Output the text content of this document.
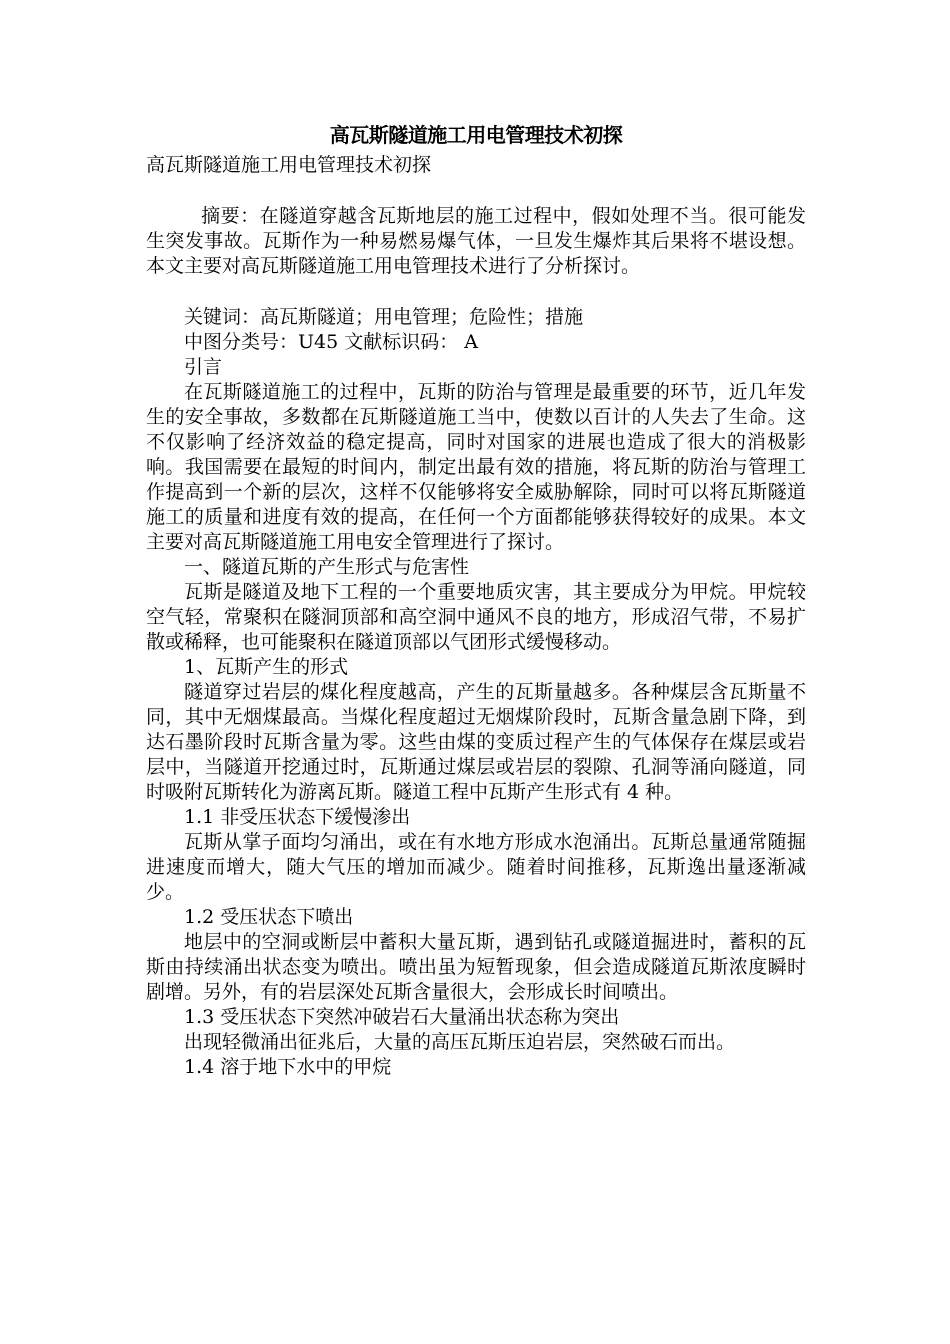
高瓦斯隧道施工用电管理技术初探

高瓦斯隧道施工用电管理技术初探

摘要：在隧道穿越含瓦斯地层的施工过程中，假如处理不当。很可能发生突发事故。瓦斯作为一种易燃易爆气体，一旦发生爆炸其后果将不堪设想。本文主要对高瓦斯隧道施工用电管理技术进行了分析探讨。

关键词：高瓦斯隧道；用电管理；危险性；措施

中图分类号：U45 文献标识码： A

引言

在瓦斯隧道施工的过程中，瓦斯的防治与管理是最重要的环节，近几年发生的安全事故，多数都在瓦斯隧道施工当中，使数以百计的人失去了生命。这不仅影响了经济效益的稳定提高，同时对国家的进展也造成了很大的消极影响。我国需要在最短的时间内，制定出最有效的措施，将瓦斯的防治与管理工作提高到一个新的层次，这样不仅能够将安全威胁解除，同时可以将瓦斯隧道施工的质量和进度有效的提高，在任何一个方面都能够获得较好的成果。本文主要对高瓦斯隧道施工用电安全管理进行了探讨。

一、隧道瓦斯的产生形式与危害性

瓦斯是隧道及地下工程的一个重要地质灾害，其主要成分为甲烷。甲烷较空气轻，常聚积在隧洞顶部和高空洞中通风不良的地方，形成沼气带，不易扩散或稀释，也可能聚积在隧道顶部以气团形式缓慢移动。

1、瓦斯产生的形式

隧道穿过岩层的煤化程度越高，产生的瓦斯量越多。各种煤层含瓦斯量不同，其中无烟煤最高。当煤化程度超过无烟煤阶段时，瓦斯含量急剧下降，到达石墨阶段时瓦斯含量为零。这些由煤的变质过程产生的气体保存在煤层或岩层中，当隧道开挖通过时，瓦斯通过煤层或岩层的裂隙、孔洞等涌向隧道，同时吸附瓦斯转化为游离瓦斯。隧道工程中瓦斯产生形式有 4 种。

1.1 非受压状态下缓慢渗出

瓦斯从掌子面均匀涌出，或在有水地方形成水泡涌出。瓦斯总量通常随掘进速度而增大，随大气压的增加而减少。随着时间推移，瓦斯逸出量逐渐减少。

1.2 受压状态下喷出

地层中的空洞或断层中蓄积大量瓦斯，遇到钻孔或隧道掘进时，蓄积的瓦斯由持续涌出状态变为喷出。喷出虽为短暂现象，但会造成隧道瓦斯浓度瞬时剧增。另外，有的岩层深处瓦斯含量很大，会形成长时间喷出。

1.3 受压状态下突然冲破岩石大量涌出状态称为突出

出现轻微涌出征兆后，大量的高压瓦斯压迫岩层，突然破石而出。

1.4 溶于地下水中的甲烷
